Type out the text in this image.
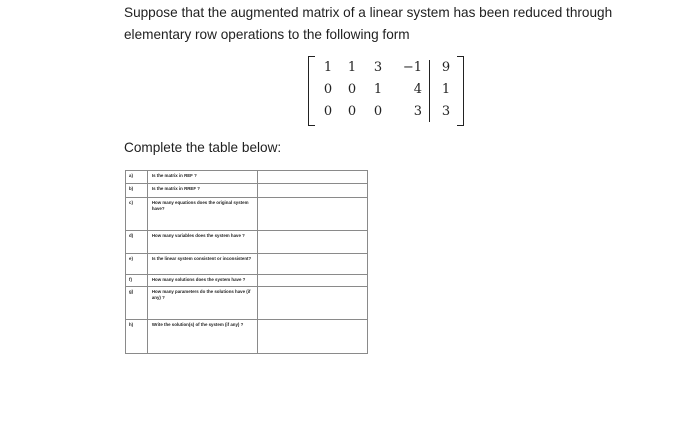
Suppose that the augmented matrix of a linear system has been reduced through
elementary row operations to the following form
1	1	3	−1	9
0	0	1	4	1
0	0	0	3	3
Complete the table below:
a)	Is the matrix in REF ?	

b)	Is the matrix in RREF ?	

c)	How many equations does the original system have?	

d)	How many variables does the system have ?	

e)	Is the linear system consistent or inconsistent?	

f)	How many solutions does the system have ?	

g)	How many parameters do the solutions have (if any) ?	

h)	Write the solution(s) of the system (if any) ?	
